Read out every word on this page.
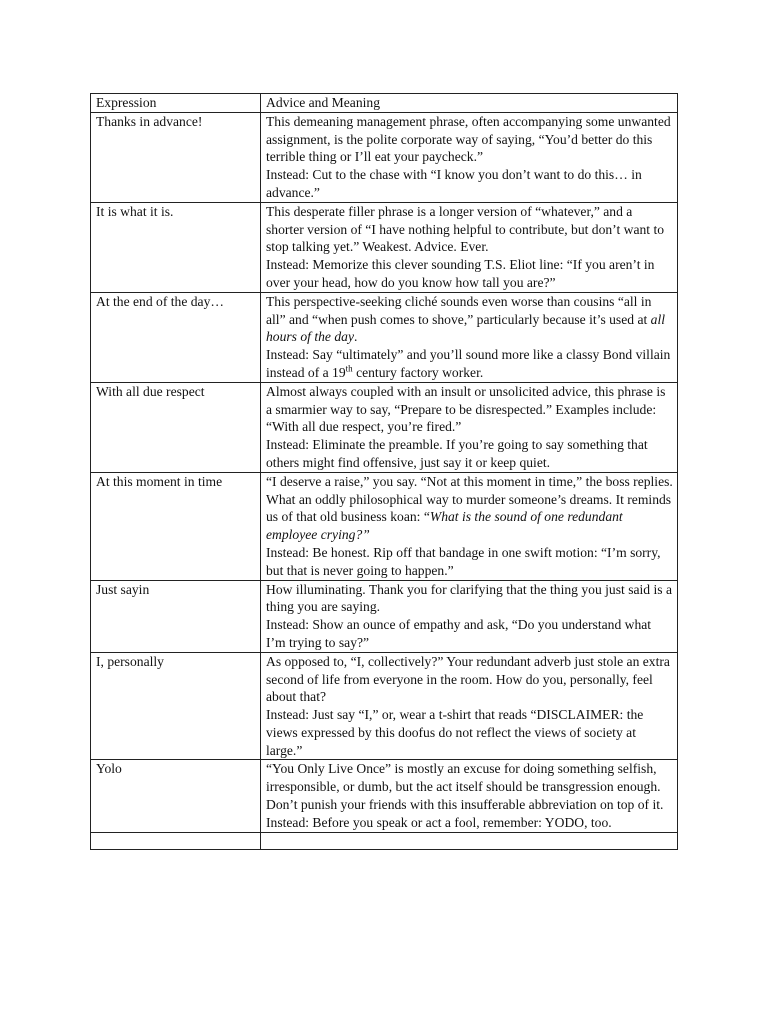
Expression	Advice and Meaning
Thanks in advance!	This demeaning management phrase, often accompanying some unwanted assignment, is the polite corporate way of saying, “You’d better do this terrible thing or I’ll eat your paycheck.”
Instead: Cut to the chase with “I know you don’t want to do this… in advance.”

It is what it is.	This desperate filler phrase is a longer version of “whatever,” and a shorter version of “I have nothing helpful to contribute, but don’t want to stop talking yet.” Weakest. Advice. Ever.
Instead: Memorize this clever sounding T.S. Eliot line: “If you aren’t in over your head, how do you know how tall you are?”

At the end of the day…	This perspective-seeking cliché sounds even worse than cousins “all in all” and “when push comes to shove,” particularly because it’s used at all hours of the day.
Instead: Say “ultimately” and you’ll sound more like a classy Bond villain instead of a 19th century factory worker.

With all due respect	Almost always coupled with an insult or unsolicited advice, this phrase is a smarmier way to say, “Prepare to be disrespected.” Examples include: “With all due respect, you’re fired.”
Instead: Eliminate the preamble. If you’re going to say something that others might find offensive, just say it or keep quiet.

At this moment in time	“I deserve a raise,” you say. “Not at this moment in time,” the boss replies. What an oddly philosophical way to murder someone’s dreams. It reminds us of that old business koan: “What is the sound of one redundant employee crying?”
Instead: Be honest. Rip off that bandage in one swift motion: “I’m sorry, but that is never going to happen.”

Just sayin	How illuminating. Thank you for clarifying that the thing you just said is a thing you are saying.
Instead: Show an ounce of empathy and ask, “Do you understand what I’m trying to say?”

I, personally	As opposed to, “I, collectively?” Your redundant adverb just stole an extra second of life from everyone in the room. How do you, personally, feel about that?
Instead: Just say “I,” or, wear a t-shirt that reads “DISCLAIMER: the views expressed by this doofus do not reflect the views of society at large.”

Yolo	“You Only Live Once” is mostly an excuse for doing something selfish, irresponsible, or dumb, but the act itself should be transgression enough. Don’t punish your friends with this insufferable abbreviation on top of it.
Instead: Before you speak or act a fool, remember: YODO, too.
